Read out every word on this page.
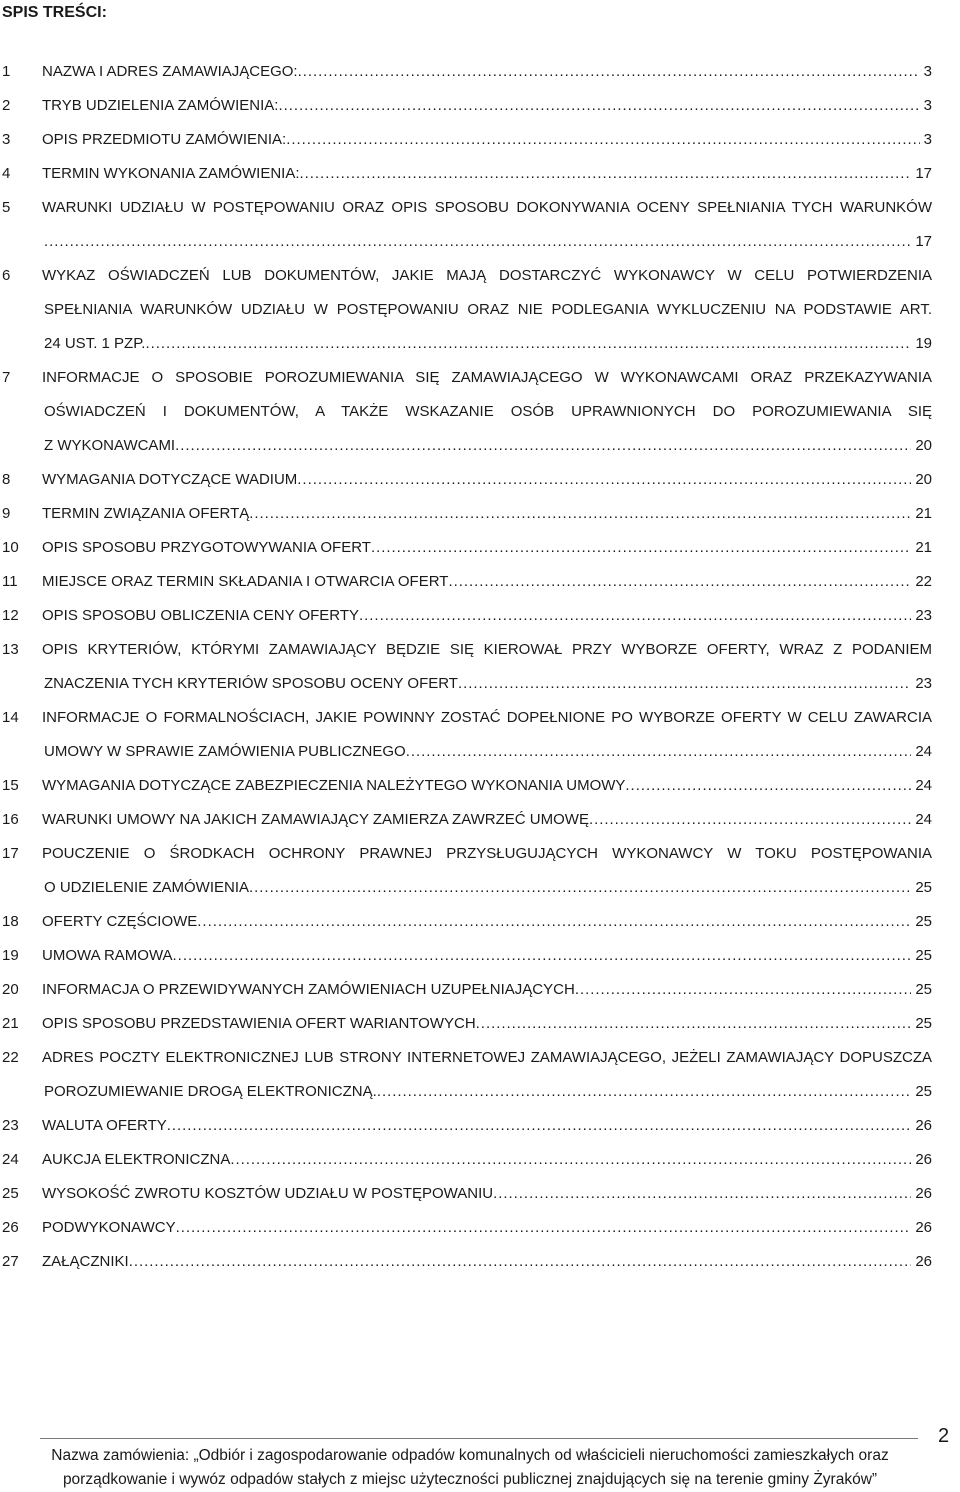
SPIS TREŚCI:
1	NAZWA I ADRES ZAMAWIAJĄCEGO: . . .	3
2	TRYB UDZIELENIA ZAMÓWIENIA: . . .	3
3	OPIS PRZEDMIOTU ZAMÓWIENIA: . . .	3
4	TERMIN WYKONANIA ZAMÓWIENIA: . . .	17
5	WARUNKI UDZIAŁU W POSTĘPOWANIU ORAZ OPIS SPOSOBU DOKONYWANIA OCENY SPEŁNIANIA TYCH WARUNKÓW
. . .
17
6	WYKAZ OŚWIADCZEŃ LUB DOKUMENTÓW, JAKIE MAJĄ DOSTARCZYĆ WYKONAWCY W CELU POTWIERDZENIA
SPEŁNIANIA WARUNKÓW UDZIAŁU W POSTĘPOWANIU ORAZ NIE PODLEGANIA WYKLUCZENIU NA PODSTAWIE ART.
24 UST. 1 PZP. . . .	19
7	INFORMACJE O SPOSOBIE POROZUMIEWANIA SIĘ ZAMAWIAJĄCEGO W WYKONAWCAMI ORAZ PRZEKAZYWANIA
OŚWIADCZEŃ I DOKUMENTÓW, A TAKŻE WSKAZANIE OSÓB UPRAWNIONYCH DO POROZUMIEWANIA SIĘ
Z WYKONAWCAMI . . .	20
8	WYMAGANIA DOTYCZĄCE WADIUM . . .	20
9	TERMIN ZWIĄZANIA OFERTĄ . . .	21
10	OPIS SPOSOBU PRZYGOTOWYWANIA OFERT . . .	21
11	MIEJSCE ORAZ TERMIN SKŁADANIA I OTWARCIA OFERT . . .	22
12	OPIS SPOSOBU OBLICZENIA CENY OFERTY . . .	23
13	OPIS KRYTERIÓW, KTÓRYMI ZAMAWIAJĄCY BĘDZIE SIĘ KIEROWAŁ PRZY WYBORZE OFERTY, WRAZ Z PODANIEM
ZNACZENIA TYCH KRYTERIÓW SPOSOBU OCENY OFERT . . .	23
14	INFORMACJE O FORMALNOŚCIACH, JAKIE POWINNY ZOSTAĆ DOPEŁNIONE PO WYBORZE OFERTY W CELU ZAWARCIA
UMOWY W SPRAWIE ZAMÓWIENIA PUBLICZNEGO . . .	24
15	WYMAGANIA DOTYCZĄCE ZABEZPIECZENIA NALEŻYTEGO WYKONANIA UMOWY . . .	24
16	WARUNKI UMOWY NA JAKICH ZAMAWIAJĄCY ZAMIERZA ZAWRZEĆ UMOWĘ . . .	24
17	POUCZENIE O ŚRODKACH OCHRONY PRAWNEJ PRZYSŁUGUJĄCYCH WYKONAWCY W TOKU POSTĘPOWANIA
O UDZIELENIE ZAMÓWIENIA . . .	25
18	OFERTY CZĘŚCIOWE . . .	25
19	UMOWA RAMOWA . . .	25
20	INFORMACJA O PRZEWIDYWANYCH ZAMÓWIENIACH UZUPEŁNIAJĄCYCH . . .	25
21	OPIS SPOSOBU PRZEDSTAWIENIA OFERT WARIANTOWYCH . . .	25
22	ADRES POCZTY ELEKTRONICZNEJ LUB STRONY INTERNETOWEJ ZAMAWIAJĄCEGO, JEŻELI ZAMAWIAJĄCY DOPUSZCZA
POROZUMIEWANIE DROGĄ ELEKTRONICZNĄ. . . .	25
23	WALUTA OFERTY . . .	26
24	AUKCJA ELEKTRONICZNA . . .	26
25	WYSOKOŚĆ ZWROTU KOSZTÓW UDZIAŁU W POSTĘPOWANIU . . .	26
26	PODWYKONAWCY . . .	26
27	ZAŁĄCZNIKI . . .	26
Nazwa zamówienia: „Odbiór i zagospodarowanie odpadów komunalnych od właścicieli nieruchomości zamieszkałych oraz
porządkowanie i wywóz odpadów stałych z miejsc użyteczności publicznej znajdujących się na terenie gminy Żyraków”
2
